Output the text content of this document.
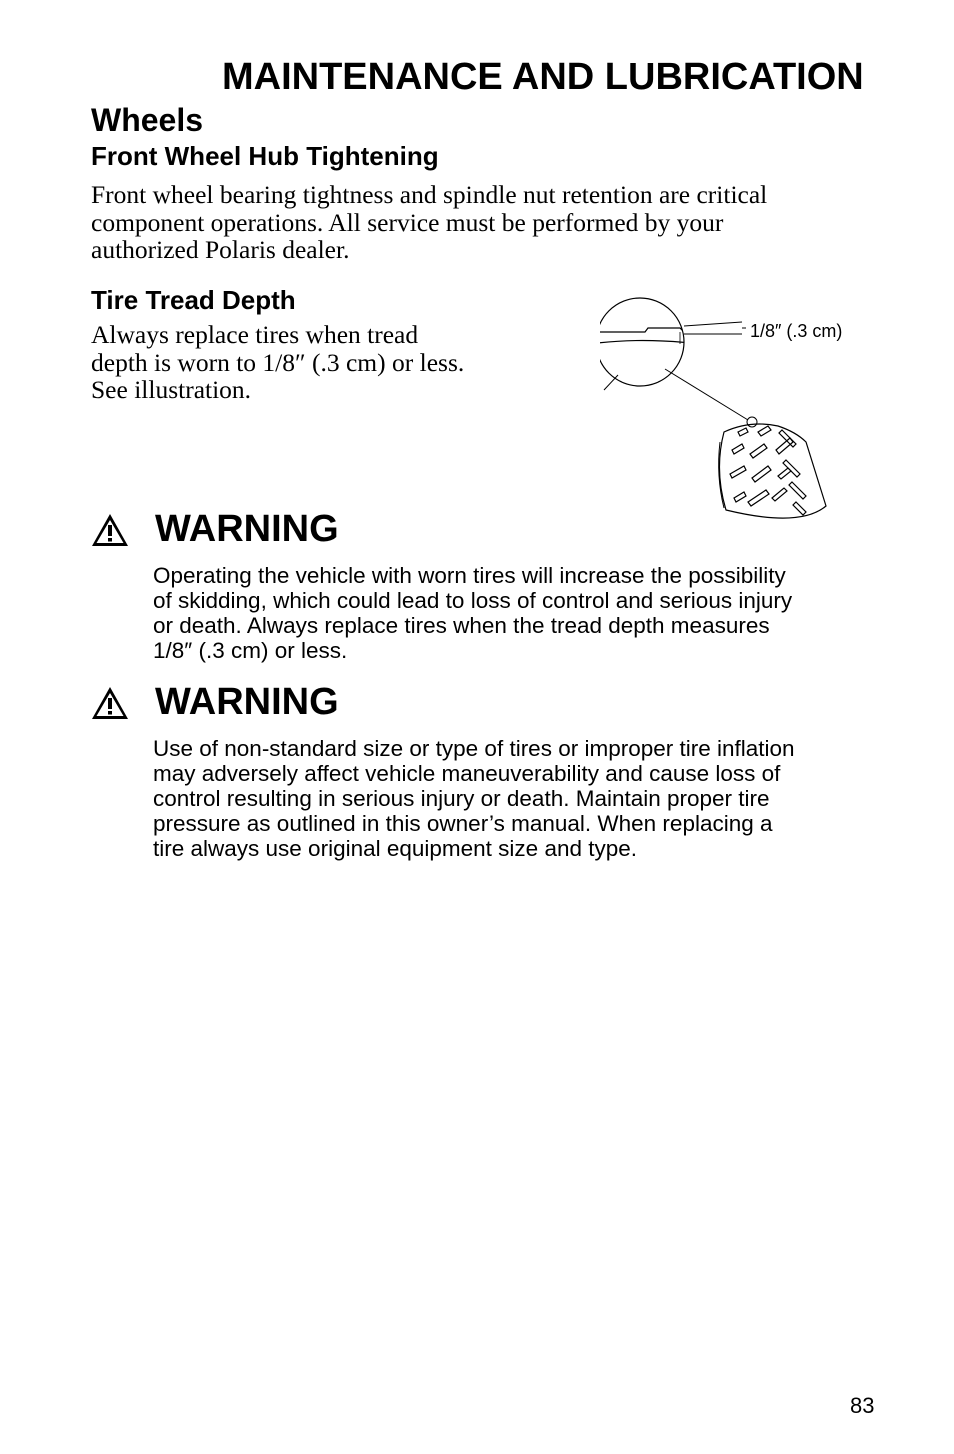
MAINTENANCE AND LUBRICATION
Wheels
Front Wheel Hub Tightening
Front wheel bearing tightness and spindle nut retention are critical
component operations. All service must be performed by your
authorized Polaris dealer.
Tire Tread Depth
Always replace tires when tread
depth is worn to 1/8″ (.3 cm) or less.
See illustration.
1/8″ (.3 cm)
WARNING
Operating the vehicle with worn tires will increase the possibility
of skidding, which could lead to loss of control and serious injury
or death. Always replace tires when the tread depth measures
1/8″ (.3 cm) or less.
WARNING
Use of non-standard size or type of tires or improper tire inflation
may adversely affect vehicle maneuverability and cause loss of
control resulting in serious injury or death. Maintain proper tire
pressure as outlined in this owner’s manual. When replacing a
tire always use original equipment size and type.
83
